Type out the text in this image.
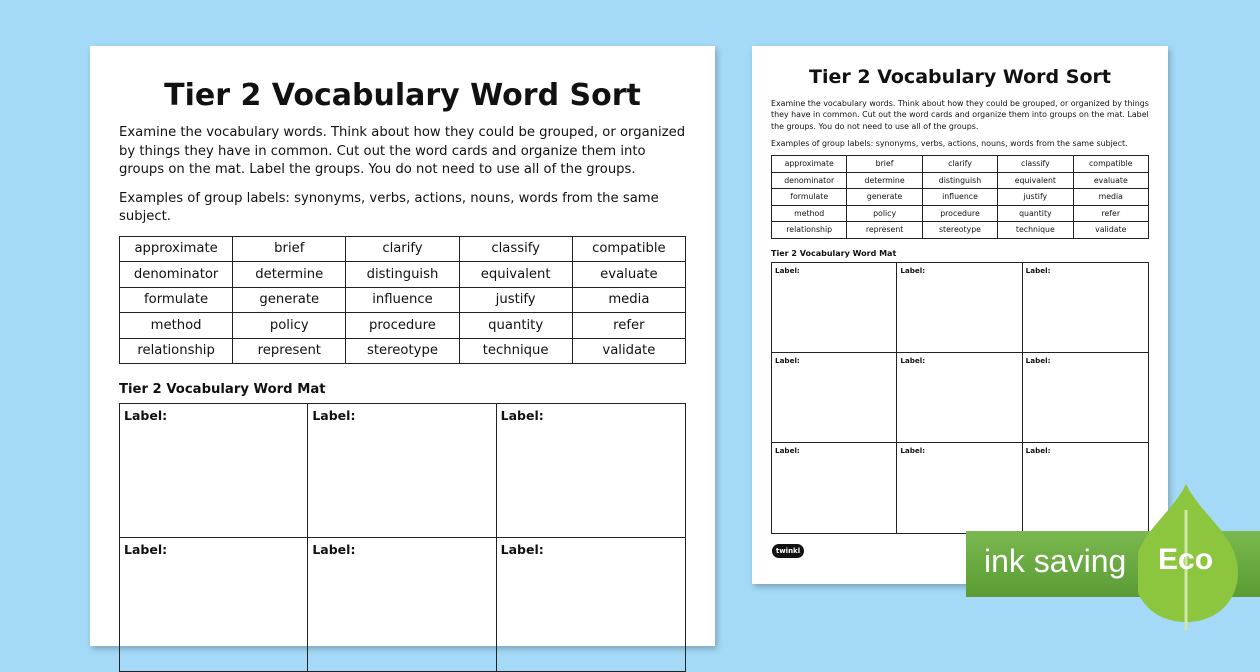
Tier 2 Vocabulary Word Sort

Examine the vocabulary words. Think about how they could be grouped, or organized by things they have in common. Cut out the word cards and organize them into groups on the mat. Label the groups. You do not need to use all of the groups.

Examples of group labels: synonyms, verbs, actions, nouns, words from the same subject.

approximate	brief	clarify	classify	compatible
denominator	determine	distinguish	equivalent	evaluate
formulate	generate	influence	justify	media
method	policy	procedure	quantity	refer
relationship	represent	stereotype	technique	validate

Tier 2 Vocabulary Word Mat

Label:	Label:	Label:
Label:	Label:	Label:
Tier 2 Vocabulary Word Sort

Examine the vocabulary words. Think about how they could be grouped, or organized by things they have in common. Cut out the word cards and organize them into groups on the mat. Label the groups. You do not need to use all of the groups.

Examples of group labels: synonyms, verbs, actions, nouns, words from the same subject.

approximate	brief	clarify	classify	compatible
denominator	determine	distinguish	equivalent	evaluate
formulate	generate	influence	justify	media
method	policy	procedure	quantity	refer
relationship	represent	stereotype	technique	validate

Tier 2 Vocabulary Word Mat

Label:	Label:	Label:
Label:	Label:	Label:
Label:	Label:	Label:
twinkl	ink saving Eco
